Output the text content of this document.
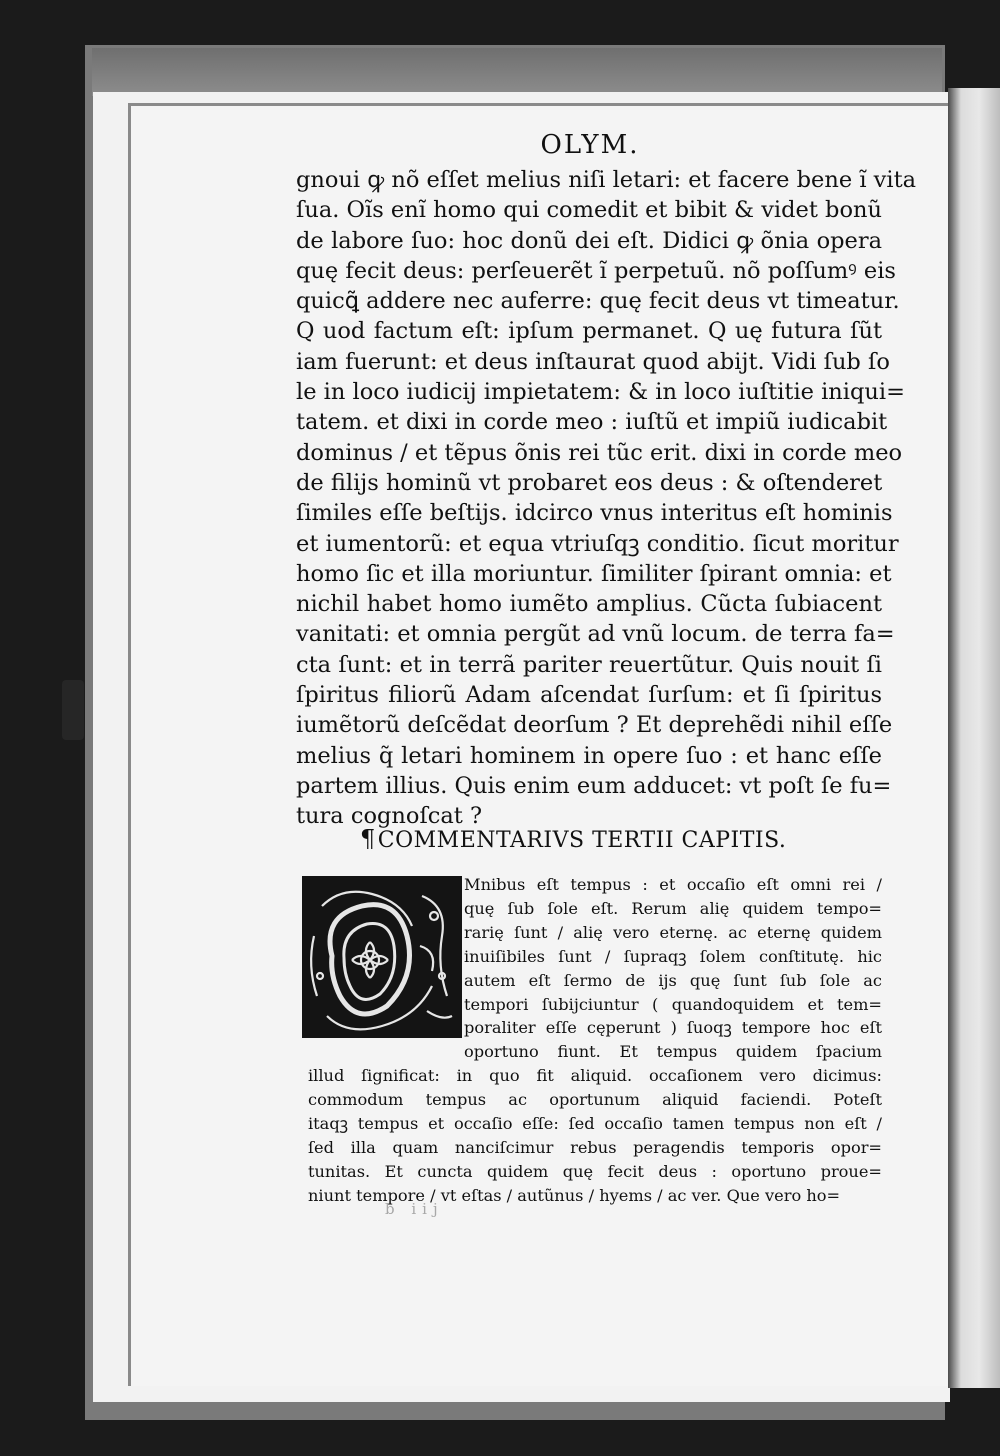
OLYM.
gnoui ꝙ nõ eſſet melius niſi letari: et facere bene ĩ vita
ſua. Oĩs enĩ homo qui comedit et bibit & videt bonũ
de labore ſuo: hoc donũ dei eſt. Didici ꝙ õnia opera
quę fecit deus: perſeuerẽt ĩ perpetuũ. nõ poſſumꝰ eis
quicꝗ̃ addere nec auferre: quę fecit deus vt timeatur.
Q uod factum eſt: ipſum permanet. Q uę futura ſũt
iam fuerunt: et deus inſtaurat quod abijt. Vidi ſub ſo
le in loco iudicij impietatem: & in loco iuſtitie iniqui=
tatem. et dixi in corde meo : iuſtũ et impiũ iudicabit
dominus / et tẽpus õnis rei tũc erit. dixi in corde meo
de filijs hominũ vt probaret eos deus : & oſtenderet
ſimiles eſſe beſtijs. idcirco vnus interitus eſt hominis
et iumentorũ: et equa vtriuſqꝫ conditio. ſicut moritur
homo ſic et illa moriuntur. ſimiliter ſpirant omnia: et
nichil habet homo iumẽto amplius. Cũcta ſubiacent
vanitati: et omnia pergũt ad vnũ locum. de terra fa=
cta ſunt: et in terrã pariter reuertũtur. Quis nouit ſi
ſpiritus filiorũ Adam aſcendat ſurſum: et ſi ſpiritus
iumẽtorũ deſcẽdat deorſum ? Et deprehẽdi nihil eſſe
melius q̃ letari hominem in opere ſuo : et hanc eſſe
partem illius. Quis enim eum adducet: vt poſt ſe fu=
tura cognoſcat ?
¶COMMENTARIVS TERTII CAPITIS.
Mnibus eſt tempus : et occaſio eſt omni rei /
quę ſub ſole eſt. Rerum alię quidem tempo=
rarię ſunt / alię vero eternę. ac eternę quidem
inuiſibiles ſunt / ſupraqꝫ ſolem conſtitutę. hic
autem eſt ſermo de ijs quę ſunt ſub ſole ac
tempori ſubijciuntur ( quandoquidem et tem=
poraliter eſſe cęperunt ) ſuoqꝫ tempore hoc eſt
oportuno fiunt. Et tempus quidem ſpacium
illud ſignificat: in quo fit aliquid. occaſionem vero dicimus:
commodum tempus ac oportunum aliquid faciendi. Poteſt
itaqꝫ tempus et occaſio eſſe: ſed occaſio tamen tempus non eſt /
ſed illa quam nanciſcimur rebus peragendis temporis opor=
tunitas. Et cuncta quidem quę fecit deus : oportuno proue=
niunt tempore / vt eſtas / autũnus / hyems / ac ver. Que vero ho=
b iij
